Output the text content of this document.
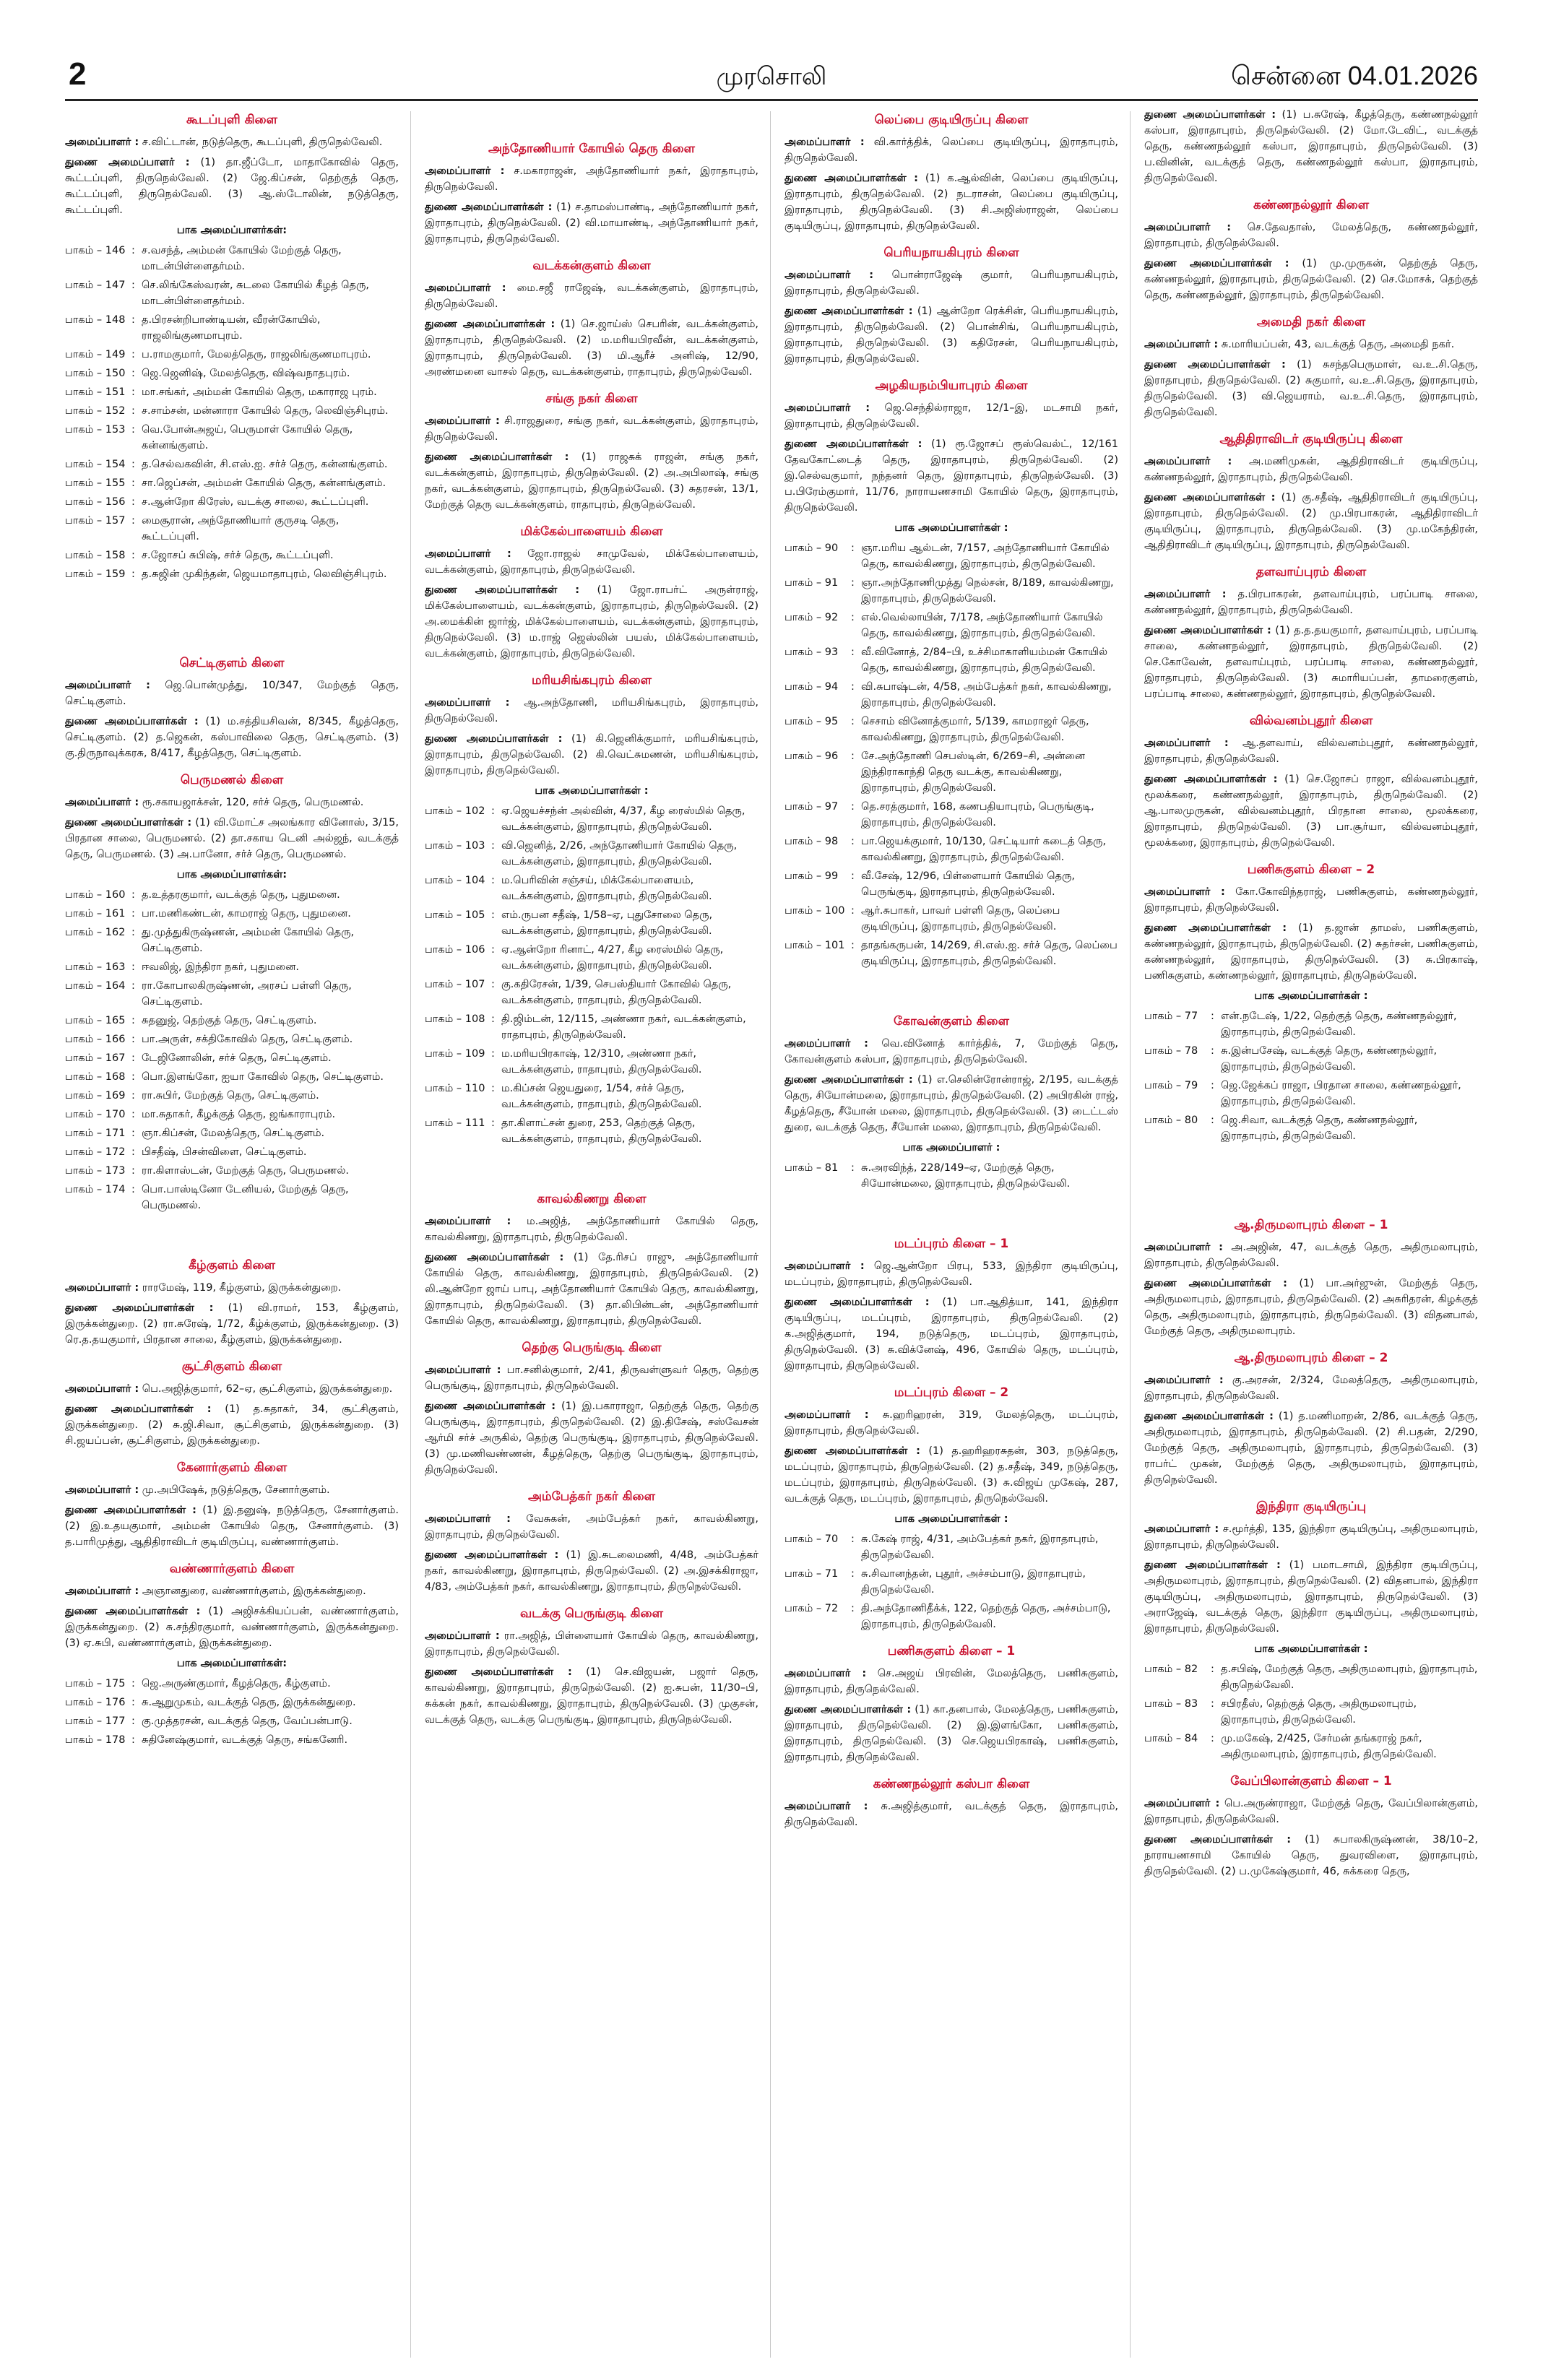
2	முரசொலி	சென்னை 04.01.2026
கூடப்புளி கிளை
அமைப்பாளர் : ச.விட்டான், நடுத்தெரு, கூடப்புளி, திருநெல்வேலி.
துணை அமைப்பாளர் : (1) தா.ஜீப்டோ, மாதாகோவில் தெரு, கூட்டப்புளி, திருநெல்வேலி. (2) ஜே.கிப்சன், தெற்குத் தெரு, கூட்டப்புளி, திருநெல்வேலி. (3) ஆ.ஸ்டோலின், நடுத்தெரு, கூட்டப்புளி.
பாக அமைப்பாளர்கள்:
பாகம் – 146 : ச.வசந்த், அம்மன் கோயில் மேற்குத் தெரு, மாடன்பிள்ளைதர்மம்.
பாகம் – 147 : செ.லிங்கேஸ்வரன், சுடலை கோயில் கீழத் தெரு, மாடன்பிள்ளைதர்மம்.
பாகம் – 148 : த.பிரசன்றிபாண்டியன், வீரன்கோயில், ராஜலிங்குணமாபுரம்.
பாகம் – 149 : ப.ராமகுமார், மேலத்தெரு, ராஜலிங்குணமாபுரம்.
பாகம் – 150 : ஜெ.ஜெனிஷ், மேலத்தெரு, விஷ்வநாதபுரம்.
பாகம் – 151 : மா.சங்கர், அம்மன் கோயில் தெரு, மகாராஜ புரம்.
பாகம் – 152 : ச.சாம்சன், மன்னாரா கோயில் தெரு, லெவிஞ்சிபுரம்.
பாகம் – 153 : வெ.போன்அஜய், பெருமாள் கோயில் தெரு, கன்னங்குளம்.
பாகம் – 154 : த.செல்வகவின், சி.எஸ்.ஐ. சர்ச் தெரு, கன்னங்குளம்.
பாகம் – 155 : சா.ஜெப்சன், அம்மன் கோயில் தெரு, கன்னங்குளம்.
பாகம் – 156 : ச.ஆன்றோ கிரேஸ், வடக்கு சாலை, கூட்டப்புளி.
பாகம் – 157 : மைசூரான், அந்தோணியார் குருசடி தெரு, கூட்டப்புளி.
பாகம் – 158 : ச.ஜோசப் சுபிஷ், சர்ச் தெரு, கூட்டப்புளி.
பாகம் – 159 : த.சுஜின் முகிந்தன், ஜெயமாதாபுரம், லெவிஞ்சிபுரம்.
செட்டிகுளம் கிளை
அமைப்பாளர் : ஜெ.பொன்முத்து, 10/347, மேற்குத் தெரு, செட்டிகுளம்.
துணை அமைப்பாளர்கள் : (1) ம.சத்தியசிவன், 8/345, கீழத்தெரு, செட்டிகுளம். (2) த.ஜெகன், கஸ்பாவிலை தெரு, செட்டிகுளம். (3) கு.திருநாவுக்கரசு, 8/417, கீழத்தெரு, செட்டிகுளம்.
பெருமணல் கிளை
அமைப்பாளர் : ரூ.சகாயஜாக்சன், 120, சர்ச் தெரு, பெருமணல்.
துணை அமைப்பாளர்கள் : (1) வி.மோட்ச அலங்கார வினோஸ், 3/15, பிரதான சாலை, பெருமணல். (2) தா.சகாய டெனி அல்ஜந், வடக்குத் தெரு, பெருமணல். (3) அ.பானோ, சர்ச் தெரு, பெருமணல்.
பாக அமைப்பாளர்கள்:
பாகம் – 160 : த.உத்தரகுமார், வடக்குத் தெரு, புதுமனை.
பாகம் – 161 : பா.மணிகண்டன், காமராஜ் தெரு, புதுமனை.
பாகம் – 162 : து.முத்துகிருஷ்ணன், அம்மன் கோயில் தெரு, செட்டிகுளம்.
பாகம் – 163 : ஈவலிஜ், இந்திரா நகர், புதுமனை.
பாகம் – 164 : ரா.கோபாலகிருஷ்ணன், அரசப் பள்ளி தெரு, செட்டிகுளம்.
பாகம் – 165 : சுதனுஜ், தெற்குத் தெரு, செட்டிகுளம்.
பாகம் – 166 : பா.அருள், சக்திகோவில் தெரு, செட்டிகுளம்.
பாகம் – 167 : டேஜினோலின், சர்ச் தெரு, செட்டிகுளம்.
பாகம் – 168 : பொ.இளங்கோ, ஐயா கோவில் தெரு, செட்டிகுளம்.
பாகம் – 169 : ரா.சுபிர், மேற்குத் தெரு, செட்டிகுளம்.
பாகம் – 170 : மா.சுதாகர், கீழக்குத் தெரு, ஜங்காராபுரம்.
பாகம் – 171 : ஞா.கிப்சன், மேலத்தெரு, செட்டிகுளம்.
பாகம் – 172 : பிசதீஷ், பிசன்விளை, செட்டிகுளம்.
பாகம் – 173 : ரா.கிளாஸ்டன், மேற்குத் தெரு, பெருமணல்.
பாகம் – 174 : பொ.பாஸ்டினோ டேனியல், மேற்குத் தெரு, பெருமணல்.
கீழ்குளம் கிளை
அமைப்பாளர் : ராரமேஷ், 119, கீழ்குளம், இருக்கன்துறை.
துணை அமைப்பாளர்கள் : (1) வி.ராமர், 153, கீழ்குளம், இருக்கன்துறை. (2) ரா.சுரேஷ், 1/72, கீழ்க்குளம், இருக்கன்துறை. (3) ரெ.த.தயகுமார், பிரதான சாலை, கீழ்குளம், இருக்கன்துறை.
சூட்சிகுளம் கிளை
அமைப்பாளர் : பெ.அஜித்குமார், 62–ஏ, சூட்சிகுளம், இருக்கன்துறை.
துணை அமைப்பாளர்கள் : (1) த.சுதாகர், 34, சூட்சிகுளம், இருக்கன்துறை. (2) சு.ஜி.சிவா, சூட்சிகுளம், இருக்கன்துறை. (3) சி.ஜயப்பன், சூட்சிகுளம், இருக்கன்துறை.
கேனார்குளம் கிளை
அமைப்பாளர் : மு.அபிஷேக், நடுத்தெரு, சேனார்குளம்.
துணை அமைப்பாளர்கள் : (1) இ.தனுஷ், நடுத்தெரு, சேனார்குளம். (2) இ.உதயகுமார், அம்மன் கோயில் தெரு, சேனார்குளம். (3) த.பாரிமுத்து, ஆதிதிராவிடர் குடியிருப்பு, வண்ணார்குளம்.
வண்ணார்குளம் கிளை
அமைப்பாளர் : அஞானதுரை, வண்ணார்குளம், இருக்கன்துறை.
துணை அமைப்பாளர்கள் : (1) அஜிசக்கியப்பன், வண்ணார்குளம், இருக்கன்துறை. (2) சு.சந்திரகுமார், வண்ணார்குளம், இருக்கன்துறை. (3) ஏ.சுபி, வண்ணார்குளம், இருக்கன்துறை.
பாக அமைப்பாளர்கள்:
பாகம் – 175 : ஜெ.அருண்குமார், கீழத்தெரு, கீழ்குளம்.
பாகம் – 176 : சு.ஆறுமுகம், வடக்குத் தெரு, இருக்கன்துறை.
பாகம் – 177 : கு.முத்தரசன், வடக்குத் தெரு, வேப்பன்பாடு.
பாகம் – 178 : சுதினேஷ்குமார், வடக்குத் தெரு, சங்கனேரி.
அந்தோணியார் கோயில் தெரு கிளை
அமைப்பாளர் : ச.மகாராஜன், அந்தோணியார் நகர், இராதாபுரம், திருநெல்வேலி.
துணை அமைப்பாளர்கள் : (1) ச.தாமஸ்பாண்டி, அந்தோணியார் நகர், இராதாபுரம், திருநெல்வேலி. (2) வி.மாயாண்டி, அந்தோணியார் நகர், இராதாபுரம், திருநெல்வேலி.
வடக்கன்குளம் கிளை
அமைப்பாளர் : மை.சஜீ ராஜேஷ், வடக்கன்குளம், இராதாபுரம், திருநெல்வேலி.
துணை அமைப்பாளர்கள் : (1) செ.ஜாய்ஸ் செபரின், வடக்கன்குளம், இராதாபுரம், திருநெல்வேலி. (2) ம.மரியபிரவீன், வடக்கன்குளம், இராதாபுரம், திருநெல்வேலி. (3) மி.ஆரீச் அனிஷ், 12/90, அரண்மனை வாசல் தெரு, வடக்கன்குளம், ராதாபுரம், திருநெல்வேலி.
சங்கு நகர் கிளை
அமைப்பாளர் : சி.ராஜதுரை, சங்கு நகர், வடக்கன்குளம், இராதாபுரம், திருநெல்வேலி.
துணை அமைப்பாளர்கள் : (1) ராஜசுக் ராஜன், சங்கு நகர், வடக்கன்குளம், இராதாபுரம், திருநெல்வேலி. (2) அ.அபிலாஷ், சங்கு நகர், வடக்கன்குளம், இராதாபுரம், திருநெல்வேலி. (3) சுதரசன், 13/1, மேற்குத் தெரு வடக்கன்குளம், ராதாபுரம், திருநெல்வேலி.
மிக்கேல்பாளையம் கிளை
அமைப்பாளர் : ஜோ.ராஜல் சாமுவேல், மிக்கேல்பாளையம், வடக்கன்குளம், இராதாபுரம், திருநெல்வேலி.
துணை அமைப்பாளர்கள் : (1) ஜோ.ராபர்ட் அருள்ராஜ், மிக்கேல்பாளையம், வடக்கன்குளம், இராதாபுரம், திருநெல்வேலி. (2) அ.மைக்கின் ஜார்ஜ், மிக்கேல்பாளையம், வடக்கன்குளம், இராதாபுரம், திருநெல்வேலி. (3) ம.ராஜ் ஜெஸ்லின் பயஸ், மிக்கேல்பாளையம், வடக்கன்குளம், இராதாபுரம், திருநெல்வேலி.
மரியசிங்கபுரம் கிளை
அமைப்பாளர் : ஆ.அந்தோணி, மரியசிங்கபுரம், இராதாபுரம், திருநெல்வேலி.
துணை அமைப்பாளர்கள் : (1) கி.ஜெனிக்குமார், மரியசிங்கபுரம், இராதாபுரம், திருநெல்வேலி. (2) கி.வெட்சுமணன், மரியசிங்கபுரம், இராதாபுரம், திருநெல்வேலி.
பாக அமைப்பாளர்கள் :
பாகம் – 102 : ஏ.ஜெயச்சந்ன் அல்வின், 4/37, கீழ ரைஸ்மில் தெரு, வடக்கன்குளம், இராதாபுரம், திருநெல்வேலி.
பாகம் – 103 : வி.ஜெனித், 2/26, அந்தோணியார் கோயில் தெரு, வடக்கன்குளம், இராதாபுரம், திருநெல்வேலி.
பாகம் – 104 : ம.பெரிவின் சஞ்சய், மிக்கேல்பாளையம், வடக்கன்குளம், இராதாபுரம், திருநெல்வேலி.
பாகம் – 105 : எம்.ருபன சதீஷ், 1/58–ஏ, புதுசோலை தெரு, வடக்கன்குளம், இராதாபுரம், திருநெல்வேலி.
பாகம் – 106 : ஏ.ஆன்றோ ரினாட், 4/27, கீழ ரைஸ்மில் தெரு, வடக்கன்குளம், இராதாபுரம், திருநெல்வேலி.
பாகம் – 107 : கு.கதிரேசன், 1/39, செபஸ்தியார் கோவில் தெரு, வடக்கன்குளம், ராதாபுரம், திருநெல்வேலி.
பாகம் – 108 : தி.ஜிம்டன், 12/115, அண்ணா நகர், வடக்கன்குளம், ராதாபுரம், திருநெல்வேலி.
பாகம் – 109 : ம.மரியபிரகாஷ், 12/310, அண்ணா நகர், வடக்கன்குளம், ராதாபுரம், திருநெல்வேலி.
பாகம் – 110 : ம.கிப்சன் ஜெயதுரை, 1/54, சர்ச் தெரு, வடக்கன்குளம், ராதாபுரம், திருநெல்வேலி.
பாகம் – 111 : தா.கிளாட்சன் துரை, 253, தெற்குத் தெரு, வடக்கன்குளம், ராதாபுரம், திருநெல்வேலி.
காவல்கிணறு கிளை
அமைப்பாளர் : ம.அஜித், அந்தோணியார் கோயில் தெரு, காவல்கிணறு, இராதாபுரம், திருநெல்வேலி.
துணை அமைப்பாளர்கள் : (1) தே.ரிசப் ராஜு, அந்தோணியார் கோயில் தெரு, காவல்கிணறு, இராதாபுரம், திருநெல்வேலி. (2) லி.ஆன்றோ ஜாய் பாபு, அந்தோணியார் கோயில் தெரு, காவல்கிணறு, இராதாபுரம், திருநெல்வேலி. (3) தா.லிபின்டன், அந்தோணியார் கோயில் தெரு, காவல்கிணறு, இராதாபுரம், திருநெல்வேலி.
தெற்கு பெருங்குடி கிளை
அமைப்பாளர் : பா.சனில்குமார், 2/41, திருவள்ளுவர் தெரு, தெற்கு பெருங்குடி, இராதாபுரம், திருநெல்வேலி.
துணை அமைப்பாளர்கள் : (1) இ.பகாராஜா, தெற்குத் தெரு, தெற்கு பெருங்குடி, இராதாபுரம், திருநெல்வேலி. (2) இ.திசேஷ், சஸ்வேசன் ஆர்மி சர்ச் அருகில், தெற்கு பெருங்குடி, இராதாபுரம், திருநெல்வேலி. (3) மு.மணிவண்ணன், கீழத்தெரு, தெற்கு பெருங்குடி, இராதாபுரம், திருநெல்வேலி.
அம்பேத்கர் நகர் கிளை
அமைப்பாளர் : வேசுகன், அம்பேத்கர் நகர், காவல்கிணறு, இராதாபுரம், திருநெல்வேலி.
துணை அமைப்பாளர்கள் : (1) இ.சுடலைமணி, 4/48, அம்பேத்கர் நகர், காவல்கிணறு, இராதாபுரம், திருநெல்வேலி. (2) அ.இசக்கிராஜா, 4/83, அம்பேத்கர் நகர், காவல்கிணறு, இராதாபுரம், திருநெல்வேலி.
வடக்கு பெருங்குடி கிளை
அமைப்பாளர் : ரா.அஜித், பிள்ளையார் கோயில் தெரு, காவல்கிணறு, இராதாபுரம், திருநெல்வேலி.
துணை அமைப்பாளர்கள் : (1) செ.விஜயன், பஜார் தெரு, காவல்கிணறு, இராதாபுரம், திருநெல்வேலி. (2) ஐ.சுபன், 11/30–பி, சுக்கன் நகர், காவல்கிணறு, இராதாபுரம், திருநெல்வேலி. (3) முகுசன், வடக்குத் தெரு, வடக்கு பெருங்குடி, இராதாபுரம், திருநெல்வேலி.
லெப்பை குடியிருப்பு கிளை
அமைப்பாளர் : வி.கார்த்திக், லெப்பை குடியிருப்பு, இராதாபுரம், திருநெல்வேலி.
துணை அமைப்பாளர்கள் : (1) க.ஆல்வின், லெப்பை குடியிருப்பு, இராதாபுரம், திருநெல்வேலி. (2) நடராசன், லெப்பை குடியிருப்பு, இராதாபுரம், திருநெல்வேலி. (3) சி.அஜிஸ்ராஜன், லெப்பை குடியிருப்பு, இராதாபுரம், திருநெல்வேலி.
பெரியநாயகிபுரம் கிளை
அமைப்பாளர் : பொன்ராஜேஷ் குமார், பெரியநாயகிபுரம், இராதாபுரம், திருநெல்வேலி.
துணை அமைப்பாளர்கள் : (1) ஆன்றோ ரெக்சின், பெரியநாயகிபுரம், இராதாபுரம், திருநெல்வேலி. (2) பொன்சிங், பெரியநாயகிபுரம், இராதாபுரம், திருநெல்வேலி. (3) கதிரேசன், பெரியநாயகிபுரம், இராதாபுரம், திருநெல்வேலி.
அழகியநம்பியாபுரம் கிளை
அமைப்பாளர் : ஜெ.செந்தில்ராஜா, 12/1–இ, மடசாமி நகர், இராதாபுரம், திருநெல்வேலி.
துணை அமைப்பாளர்கள் : (1) ரூ.ஜோசப் ரூஸ்வெல்ட், 12/161 தேவகோட்டைத் தெரு, இராதாபுரம், திருநெல்வேலி. (2) இ.செல்வகுமார், நந்தனர் தெரு, இராதாபுரம், திருநெல்வேலி. (3) ப.பிரேம்குமார், 11/76, நாராயணசாமி கோயில் தெரு, இராதாபுரம், திருநெல்வேலி.
பாக அமைப்பாளர்கள் :
பாகம் – 90	: ஞா.மரிய ஆல்டன், 7/157, அந்தோணியார் கோயில் தெரு, காவல்கிணறு, இராதாபுரம், திருநெல்வேலி.
பாகம் – 91	: ஞா.அந்தோணிமுத்து நெல்சன், 8/189, காவல்கிணறு, இராதாபுரம், திருநெல்வேலி.
பாகம் – 92	: எல்.வெல்லாயின், 7/178, அந்தோணியார் கோயில் தெரு, காவல்கிணறு, இராதாபுரம், திருநெல்வேலி.
பாகம் – 93	: வீ.வினோத், 2/84–பி, உச்சிமாகாளியம்மன் கோயில் தெரு, காவல்கிணறு, இராதாபுரம், திருநெல்வேலி.
பாகம் – 94	: வி.சுபாஷ்டன், 4/58, அம்பேத்கர் நகர், காவல்கிணறு, இராதாபுரம், திருநெல்வேலி.
பாகம் – 95	: செசாம் வினோத்குமார், 5/139, காமராஜர் தெரு, காவல்கிணறு, இராதாபுரம், திருநெல்வேலி.
பாகம் – 96	: சே.அந்தோணி செபஸ்டின், 6/269–சி, அன்னை இந்திராகாந்தி தெரு வடக்கு, காவல்கிணறு, இராதாபுரம், திருநெல்வேலி.
பாகம் – 97	: தெ.சரத்குமார், 168, கணபதியாபுரம், பெருங்குடி, இராதாபுரம், திருநெல்வேலி.
பாகம் – 98	: பா.ஜெயக்குமார், 10/130, செட்டியார் கடைத் தெரு, காவல்கிணறு, இராதாபுரம், திருநெல்வேலி.
பாகம் – 99	: வீ.சேஷ், 12/96, பிள்ளையார் கோயில் தெரு, பெருங்குடி, இராதாபுரம், திருநெல்வேலி.
பாகம் – 100 : ஆர்.சுபாகர், பாவர் பள்ளி தெரு, லெப்பை குடியிருப்பு, இராதாபுரம், திருநெல்வேலி.
பாகம் – 101 : தாதங்கருபன், 14/269, சி.எஸ்.ஐ. சர்ச் தெரு, லெப்பை குடியிருப்பு, இராதாபுரம், திருநெல்வேலி.
கோவன்குளம் கிளை
அமைப்பாளர் : வெ.வினோத் கார்த்திக், 7, மேற்குத் தெரு, கோவன்குளம் கஸ்பா, இராதாபுரம், திருநெல்வேலி.
துணை அமைப்பாளர்கள் : (1) எ.செலின்ரோன்ராஜ், 2/195, வடக்குத் தெரு, சியோன்மலை, இராதாபுரம், திருநெல்வேலி. (2) அபிரகின் ராஜ், கீழத்தெரு, சீயோன் மலை, இராதாபுரம், திருநெல்வேலி. (3) டைட்டஸ் துரை, வடக்குத் தெரு, சீயோன் மலை, இராதாபுரம், திருநெல்வேலி.
பாக அமைப்பாளர் :
பாகம் – 81	: சு.அரவிந்த், 228/149–ஏ, மேற்குத் தெரு, சியோன்மலை, இராதாபுரம், திருநெல்வேலி.
மடப்புரம் கிளை – 1
அமைப்பாளர் : ஜெ.ஆன்றோ பிரபு, 533, இந்திரா குடியிருப்பு, மடப்புரம், இராதாபுரம், திருநெல்வேலி.
துணை அமைப்பாளர்கள் : (1) பா.ஆதித்யா, 141, இந்திரா குடியிருப்பு, மடப்புரம், இராதாபுரம், திருநெல்வேலி. (2) க.அஜித்குமார், 194, நடுத்தெரு, மடப்புரம், இராதாபுரம், திருநெல்வேலி. (3) சு.விக்னேஷ், 496, கோயில் தெரு, மடப்புரம், இராதாபுரம், திருநெல்வேலி.
மடப்புரம் கிளை – 2
அமைப்பாளர் : சு.ஹரிஹரன், 319, மேலத்தெரு, மடப்புரம், இராதாபுரம், திருநெல்வேலி.
துணை அமைப்பாளர்கள் : (1) த.ஹரிஹரசுதன், 303, நடுத்தெரு, மடப்புரம், இராதாபுரம், திருநெல்வேலி. (2) த.சதீஷ், 349, நடுத்தெரு, மடப்புரம், இராதாபுரம், திருநெல்வேலி. (3) சு.விஜய் முகேஷ், 287, வடக்குத் தெரு, மடப்புரம், இராதாபுரம், திருநெல்வேலி.
பாக அமைப்பாளர்கள் :
பாகம் – 70	: சு.கேஷ் ராஜ், 4/31, அம்பேத்கர் நகர், இராதாபுரம், திருநெல்வேலி.
பாகம் – 71	: சு.சிவானந்தன், புதூர், அச்சம்பாடு, இராதாபுரம், திருநெல்வேலி.
பாகம் – 72	: தி.அந்தோணிதீக்க், 122, தெற்குத் தெரு, அச்சம்பாடு, இராதாபுரம், திருநெல்வேலி.
பணிசுகுளம் கிளை – 1
அமைப்பாளர் : செ.அஜய் பிரவின், மேலத்தெரு, பணிசுகுளம், இராதாபுரம், திருநெல்வேலி.
துணை அமைப்பாளர்கள் : (1) கா.தனபால், மேலத்தெரு, பணிசுகுளம், இராதாபுரம், திருநெல்வேலி. (2) இ.இளங்கோ, பணிசுகுளம், இராதாபுரம், திருநெல்வேலி. (3) செ.ஜெயபிரகாஷ், பணிசுகுளம், இராதாபுரம், திருநெல்வேலி.
கண்ணநல்லூர் கஸ்பா கிளை
அமைப்பாளர் : சு.அஜித்குமார், வடக்குத் தெரு, இராதாபுரம், திருநெல்வேலி.
துணை அமைப்பாளர்கள் : (1) ப.சுரேஷ், கீழத்தெரு, கண்ணநல்லூர் கஸ்பா, இராதாபுரம், திருநெல்வேலி. (2) மோ.டேவிட், வடக்குத் தெரு, கண்ணநல்லூர் கஸ்பா, இராதாபுரம், திருநெல்வேலி. (3) ப.வினின், வடக்குத் தெரு, கண்ணநல்லூர் கஸ்பா, இராதாபுரம், திருநெல்வேலி.
கண்ணநல்லூர் கிளை
அமைப்பாளர் : செ.தேவதாஸ், மேலத்தெரு, கண்ணநல்லூர், இராதாபுரம், திருநெல்வேலி.
துணை அமைப்பாளர்கள் : (1) மு.முருகன், தெற்குத் தெரு, கண்ணநல்லூர், இராதாபுரம், திருநெல்வேலி. (2) செ.மோசக், தெற்குத் தெரு, கண்ணநல்லூர், இராதாபுரம், திருநெல்வேலி.
அமைதி நகர் கிளை
அமைப்பாளர் : சு.மாரியப்பன், 43, வடக்குத் தெரு, அமைதி நகர்.
துணை அமைப்பாளர்கள் : (1) சுசந்தபெருமாள், வ.உ.சி.தெரு, இராதாபுரம், திருநெல்வேலி. (2) சுகுமார், வ.உ.சி.தெரு, இராதாபுரம், திருநெல்வேலி. (3) வி.ஜெயராம், வ.உ.சி.தெரு, இராதாபுரம், திருநெல்வேலி.
ஆதிதிராவிடர் குடியிருப்பு கிளை
அமைப்பாளர் : அ.மணிமுகன், ஆதிதிராவிடர் குடியிருப்பு, கண்ணநல்லூர், இராதாபுரம், திருநெல்வேலி.
துணை அமைப்பாளர்கள் : (1) கு.சதீஷ், ஆதிதிராவிடர் குடியிருப்பு, இராதாபுரம், திருநெல்வேலி. (2) மு.பிரபாகரன், ஆதிதிராவிடர் குடியிருப்பு, இராதாபுரம், திருநெல்வேலி. (3) மு.மகேந்திரன், ஆதிதிராவிடர் குடியிருப்பு, இராதாபுரம், திருநெல்வேலி.
தளவாய்புரம் கிளை
அமைப்பாளர் : த.பிரபாகரன், தளவாய்புரம், பரப்பாடி சாலை, கண்ணநல்லூர், இராதாபுரம், திருநெல்வேலி.
துணை அமைப்பாளர்கள் : (1) த.த.தயகுமார், தளவாய்புரம், பரப்பாடி சாலை, கண்ணநல்லூர், இராதாபுரம், திருநெல்வேலி. (2) செ.கோவேன், தளவாய்புரம், பரப்பாடி சாலை, கண்ணநல்லூர், இராதாபுரம், திருநெல்வேலி. (3) சுமாரியப்பன், தாமரைகுளம், பரப்பாடி சாலை, கண்ணநல்லூர், இராதாபுரம், திருநெல்வேலி.
வில்வனம்புதூர் கிளை
அமைப்பாளர் : ஆ.தளவாய், வில்வனம்புதூர், கண்ணநல்லூர், இராதாபுரம், திருநெல்வேலி.
துணை அமைப்பாளர்கள் : (1) செ.ஜோசப் ராஜா, வில்வனம்புதூர், மூலக்கரை, கண்ணநல்லூர், இராதாபுரம், திருநெல்வேலி. (2) ஆ.பாலமுருகன், வில்வனம்புதூர், பிரதான சாலை, மூலக்கரை, இராதாபுரம், திருநெல்வேலி. (3) பா.சூர்யா, வில்வனம்புதூர், மூலக்கரை, இராதாபுரம், திருநெல்வேலி.
பணிசுகுளம் கிளை – 2
அமைப்பாளர் : கோ.கோவிந்தராஜ், பணிசுகுளம், கண்ணநல்லூர், இராதாபுரம், திருநெல்வேலி.
துணை அமைப்பாளர்கள் : (1) த.ஜான் தாமஸ், பணிசுகுளம், கண்ணநல்லூர், இராதாபுரம், திருநெல்வேலி. (2) சுதர்சன், பணிசுகுளம், கண்ணநல்லூர், இராதாபுரம், திருநெல்வேலி. (3) சு.பிரகாஷ், பணிசுகுளம், கண்ணநல்லூர், இராதாபுரம், திருநெல்வேலி.
பாக அமைப்பாளர்கள் :
பாகம் – 77	: என்.நடேஷ், 1/22, தெற்குத் தெரு, கண்ணநல்லூர், இராதாபுரம், திருநெல்வேலி.
பாகம் – 78	: சு.இன்பசேஷ், வடக்குத் தெரு, கண்ணநல்லூர், இராதாபுரம், திருநெல்வேலி.
பாகம் – 79	: ஜெ.ஜேக்கப் ராஜா, பிரதான சாலை, கண்ணநல்லூர், இராதாபுரம், திருநெல்வேலி.
பாகம் – 80	: ஜெ.சிவா, வடக்குத் தெரு, கண்ணநல்லூர், இராதாபுரம், திருநெல்வேலி.
ஆ.திருமலாபுரம் கிளை – 1
அமைப்பாளர் : அ.அஜின், 47, வடக்குத் தெரு, அதிருமலாபுரம், இராதாபுரம், திருநெல்வேலி.
துணை அமைப்பாளர்கள் : (1) பா.அர்ஜுன், மேற்குத் தெரு, அதிருமலாபுரம், இராதாபுரம், திருநெல்வேலி. (2) அசுரிதரன், கிழக்குத் தெரு, அதிருமலாபுரம், இராதாபுரம், திருநெல்வேலி. (3) விதனபால், மேற்குத் தெரு, அதிருமலாபுரம்.
ஆ.திருமலாபுரம் கிளை – 2
அமைப்பாளர் : கு.அரசன், 2/324, மேலத்தெரு, அதிருமலாபுரம், இராதாபுரம், திருநெல்வேலி.
துணை அமைப்பாளர்கள் : (1) த.மணிமாறன், 2/86, வடக்குத் தெரு, அதிருமலாபுரம், இராதாபுரம், திருநெல்வேலி. (2) சி.பதன், 2/290, மேற்குத் தெரு, அதிருமலாபுரம், இராதாபுரம், திருநெல்வேலி. (3) ராபர்ட் முகன், மேற்குத் தெரு, அதிருமலாபுரம், இராதாபுரம், திருநெல்வேலி.
இந்திரா குடியிருப்பு
அமைப்பாளர் : ச.மூர்த்தி, 135, இந்திரா குடியிருப்பு, அதிருமலாபுரம், இராதாபுரம், திருநெல்வேலி.
துணை அமைப்பாளர்கள் : (1) பமாடசாமி, இந்திரா குடியிருப்பு, அதிருமலாபுரம், இராதாபுரம், திருநெல்வேலி. (2) விதனபால், இந்திரா குடியிருப்பு, அதிருமலாபுரம், இராதாபுரம், திருநெல்வேலி. (3) அராஜேஷ், வடக்குத் தெரு, இந்திரா குடியிருப்பு, அதிருமலாபுரம், இராதாபுரம், திருநெல்வேலி.
பாக அமைப்பாளர்கள் :
பாகம் – 82	: த.சபிஷ், மேற்குத் தெரு, அதிருமலாபுரம், இராதாபுரம், திருநெல்வேலி.
பாகம் – 83	: சபிரதீஸ், தெற்குத் தெரு, அதிருமலாபுரம், இராதாபுரம், திருநெல்வேலி.
பாகம் – 84	: மு.மகேஷ், 2/425, சேர்மன் தங்கராஜ் நகர், அதிருமலாபுரம், இராதாபுரம், திருநெல்வேலி.
வேப்பிலான்குளம் கிளை – 1
அமைப்பாளர் : பெ.அருண்ராஜா, மேற்குத் தெரு, வேப்பிலான்குளம், இராதாபுரம், திருநெல்வேலி.
துணை அமைப்பாளர்கள் : (1) சுபாலகிருஷ்ணன், 38/10–2, நாராயணசாமி கோயில் தெரு, துவரவிளை, இராதாபுரம், திருநெல்வேலி. (2) ப.முகேஷ்குமார், 46, சுக்கரை தெரு,
